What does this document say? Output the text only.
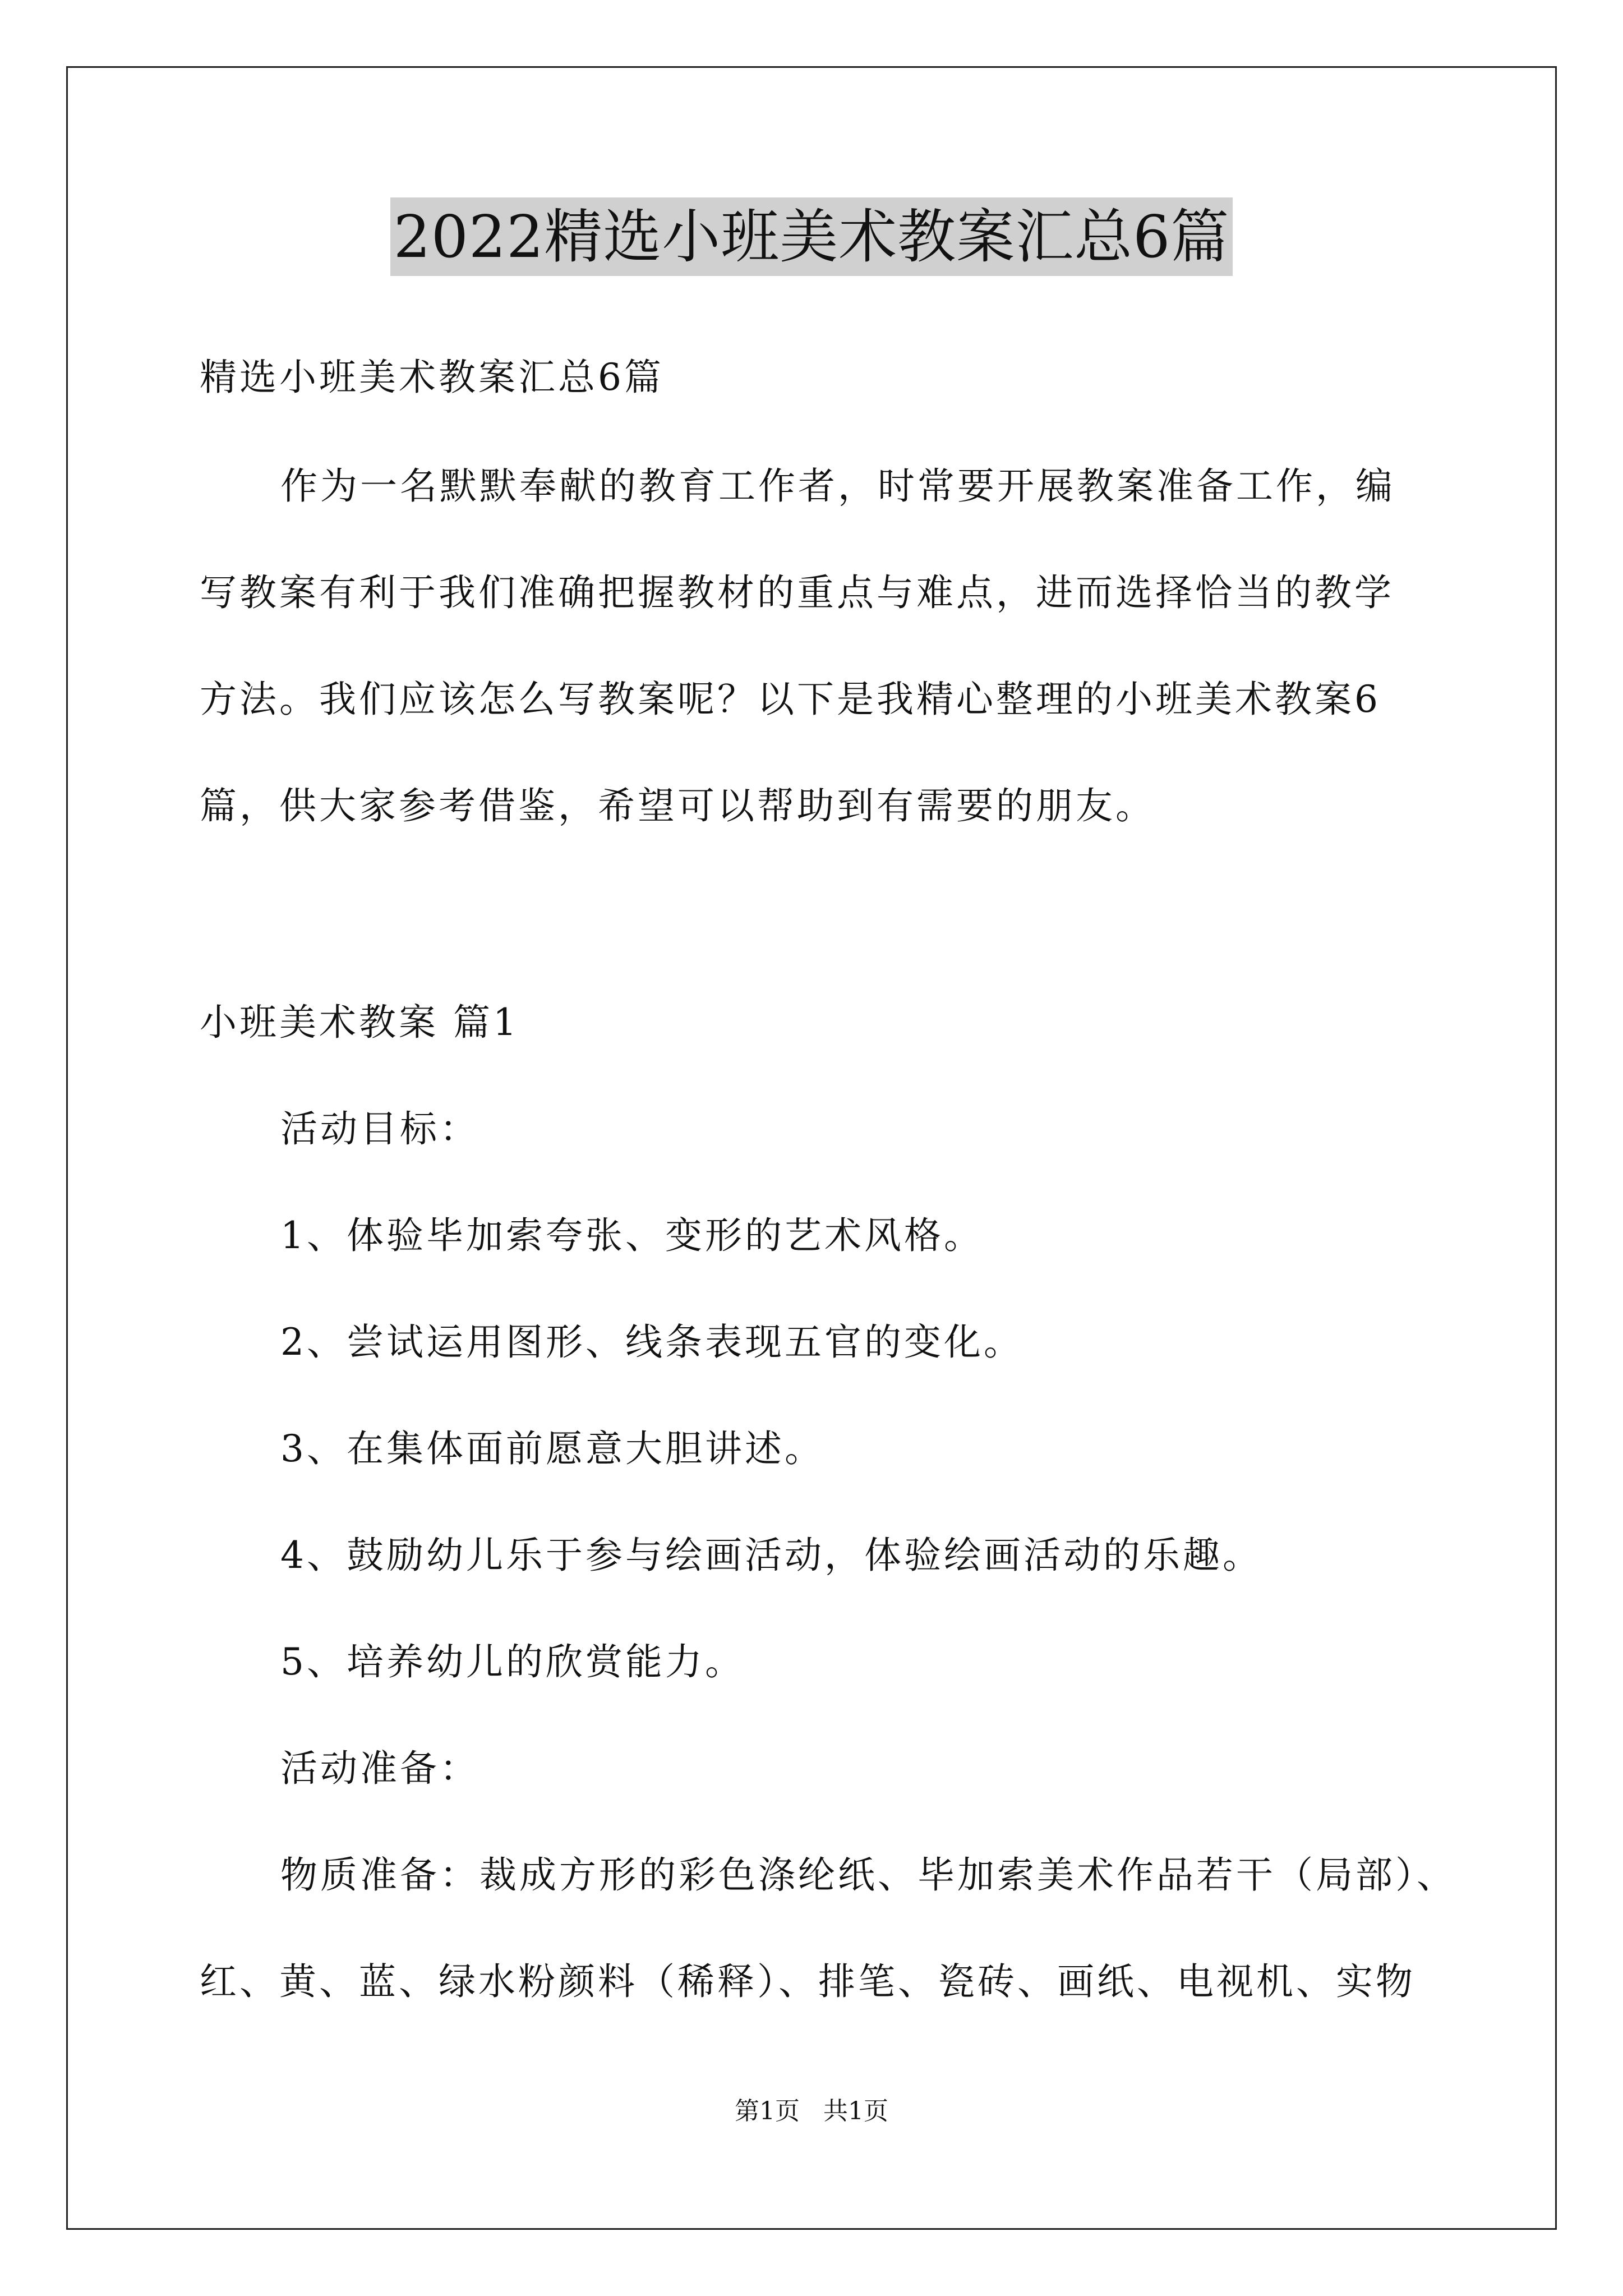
2022精选小班美术教案汇总6篇
精选小班美术教案汇总6篇
作为一名默默奉献的教育工作者，时常要开展教案准备工作，编
写教案有利于我们准确把握教材的重点与难点，进而选择恰当的教学
方法。我们应该怎么写教案呢？以下是我精心整理的小班美术教案6
篇，供大家参考借鉴，希望可以帮助到有需要的朋友。
小班美术教案 篇1
活动目标：
1、体验毕加索夸张、变形的艺术风格。
2、尝试运用图形、线条表现五官的变化。
3、在集体面前愿意大胆讲述。
4、鼓励幼儿乐于参与绘画活动，体验绘画活动的乐趣。
5、培养幼儿的欣赏能力。
活动准备：
物质准备：裁成方形的彩色涤纶纸、毕加索美术作品若干（局部）、
红、黄、蓝、绿水粉颜料（稀释）、排笔、瓷砖、画纸、电视机、实物
第1页   共1页
